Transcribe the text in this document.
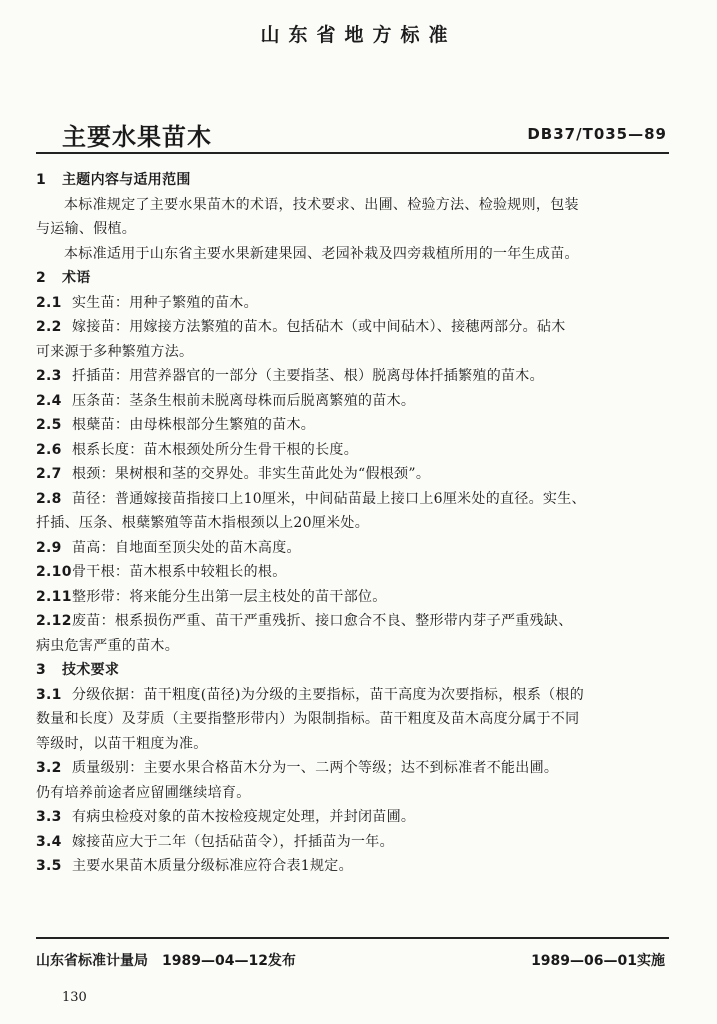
山东省地方标准
主要水果苗木	DB37/T035—89
1 主题内容与适用范围
本标准规定了主要水果苗木的术语，技术要求、出圃、检验方法、检验规则，包装
与运输、假植。
本标准适用于山东省主要水果新建果园、老园补栽及四旁栽植所用的一年生成苗。
2 术语
2.1 实生苗：用种子繁殖的苗木。
2.2 嫁接苗：用嫁接方法繁殖的苗木。包括砧木（或中间砧木）、接穗两部分。砧木
可来源于多种繁殖方法。
2.3 扦插苗：用营养器官的一部分（主要指茎、根）脱离母体扦插繁殖的苗木。
2.4 压条苗：茎条生根前未脱离母株而后脱离繁殖的苗木。
2.5 根蘖苗：由母株根部分生繁殖的苗木。
2.6 根系长度：苗木根颈处所分生骨干根的长度。
2.7 根颈：果树根和茎的交界处。非实生苗此处为“假根颈”。
2.8 苗径：普通嫁接苗指接口上10厘米，中间砧苗最上接口上6厘米处的直径。实生、
扦插、压条、根蘖繁殖等苗木指根颈以上20厘米处。
2.9 苗高：自地面至顶尖处的苗木高度。
2.10骨干根：苗木根系中较粗长的根。
2.11整形带：将来能分生出第一层主枝处的苗干部位。
2.12废苗：根系损伤严重、苗干严重残折、接口愈合不良、整形带内芽子严重残缺、
病虫危害严重的苗木。
3 技术要求
3.1 分级依据：苗干粗度(苗径)为分级的主要指标，苗干高度为次要指标，根系（根的
数量和长度）及芽质（主要指整形带内）为限制指标。苗干粗度及苗木高度分属于不同
等级时，以苗干粗度为准。
3.2 质量级别：主要水果合格苗木分为一、二两个等级；达不到标准者不能出圃。
仍有培养前途者应留圃继续培育。
3.3 有病虫检疫对象的苗木按检疫规定处理，并封闭苗圃。
3.4 嫁接苗应大于二年（包括砧苗令），扦插苗为一年。
3.5 主要水果苗木质量分级标准应符合表1规定。
山东省标准计量局　1989—04—12发布	1989—06—01实施
130
